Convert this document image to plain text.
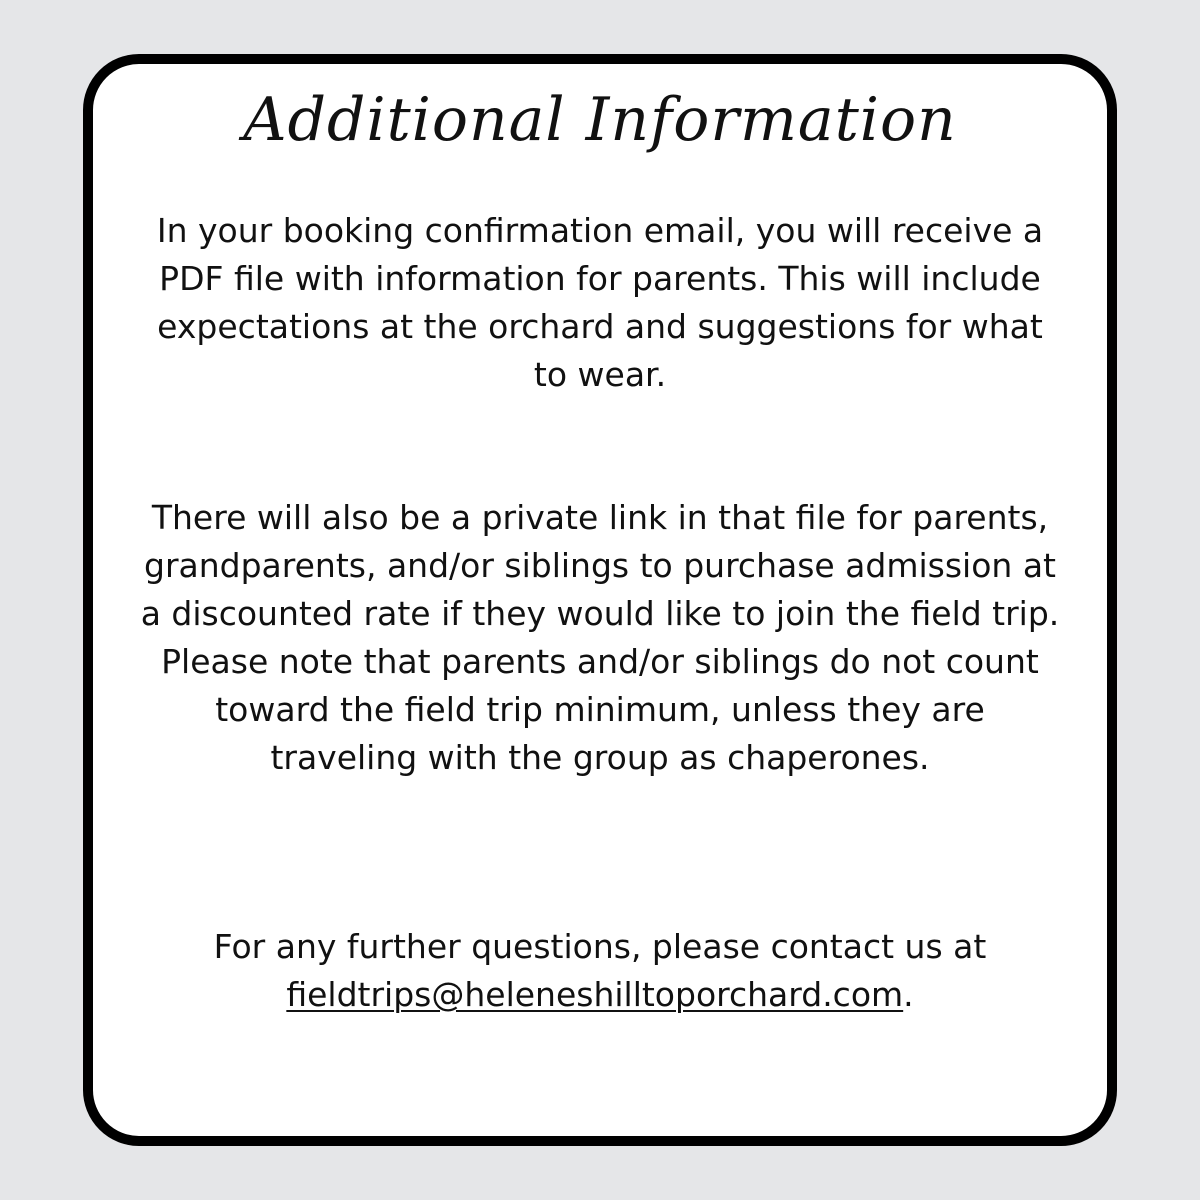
Additional Information

In your booking confirmation email, you will receive a PDF file with information for parents. This will include expectations at the orchard and suggestions for what to wear.

There will also be a private link in that file for parents, grandparents, and/or siblings to purchase admission at a discounted rate if they would like to join the field trip. Please note that parents and/or siblings do not count toward the field trip minimum, unless they are traveling with the group as chaperones.

For any further questions, please contact us at
fieldtrips@heleneshilltoporchard.com.
